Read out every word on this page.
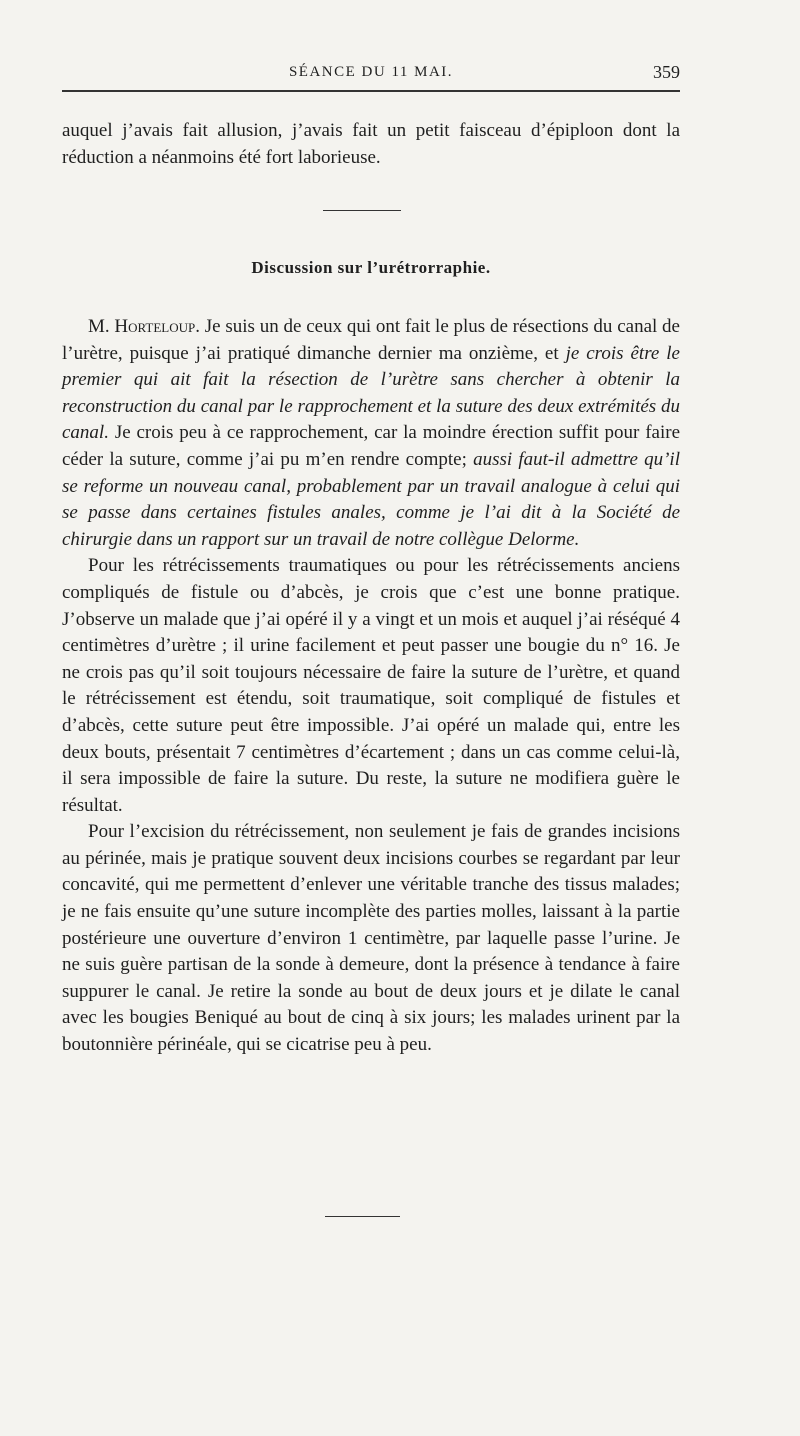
SÉANCE DU 11 MAI.	359

auquel j’avais fait allusion, j’avais fait un petit faisceau d’épiploon dont la réduction a néanmoins été fort laborieuse.

Discussion sur l’urétrorraphie.

M. Horteloup. Je suis un de ceux qui ont fait le plus de résections du canal de l’urètre, puisque j’ai pratiqué dimanche dernier ma onzième, et je crois être le premier qui ait fait la résection de l’urètre sans chercher à obtenir la reconstruction du canal par le rapprochement et la suture des deux extrémités du canal. Je crois peu à ce rapprochement, car la moindre érection suffit pour faire céder la suture, comme j’ai pu m’en rendre compte; aussi faut-il admettre qu’il se reforme un nouveau canal, probablement par un travail analogue à celui qui se passe dans certaines fistules anales, comme je l’ai dit à la Société de chirurgie dans un rapport sur un travail de notre collègue Delorme.

Pour les rétrécissements traumatiques ou pour les rétrécissements anciens compliqués de fistule ou d’abcès, je crois que c’est une bonne pratique. J’observe un malade que j’ai opéré il y a vingt et un mois et auquel j’ai réséqué 4 centimètres d’urètre ; il urine facilement et peut passer une bougie du n° 16. Je ne crois pas qu’il soit toujours nécessaire de faire la suture de l’urètre, et quand le rétrécissement est étendu, soit traumatique, soit compliqué de fistules et d’abcès, cette suture peut être impossible. J’ai opéré un malade qui, entre les deux bouts, présentait 7 centimètres d’écartement ; dans un cas comme celui-là, il sera impossible de faire la suture. Du reste, la suture ne modifiera guère le résultat.

Pour l’excision du rétrécissement, non seulement je fais de grandes incisions au périnée, mais je pratique souvent deux incisions courbes se regardant par leur concavité, qui me permettent d’enlever une véritable tranche des tissus malades; je ne fais ensuite qu’une suture incomplète des parties molles, laissant à la partie postérieure une ouverture d’environ 1 centimètre, par laquelle passe l’urine. Je ne suis guère partisan de la sonde à demeure, dont la présence à tendance à faire suppurer le canal. Je retire la sonde au bout de deux jours et je dilate le canal avec les bougies Beniqué au bout de cinq à six jours; les malades urinent par la boutonnière périnéale, qui se cicatrise peu à peu.
